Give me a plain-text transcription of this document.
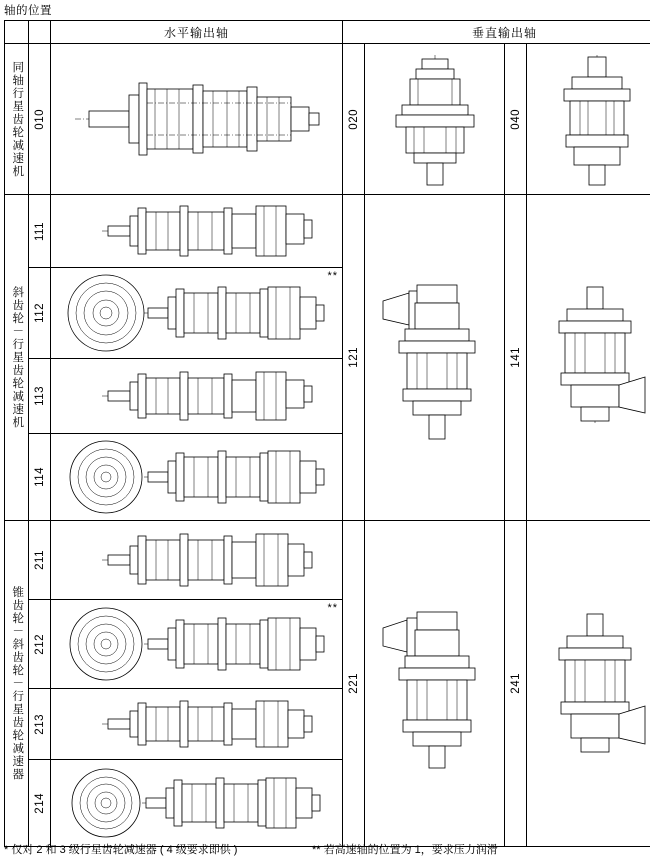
轴的位置
		水平输出轴	垂直输出轴			

同轴行星齿轮减速机	010		020		040

斜齿轮－行星齿轮减速机	111		121		141

	112	**				

	113

	114

锥齿轮－斜齿轮－行星齿轮减速器	211		221		241

	212	**				

	213

	214

* 仅对 2 和 3 级行星齿轮减速器 ( 4 级要求即供 )	** 若高速轴的位置为 1，要求压力润滑
